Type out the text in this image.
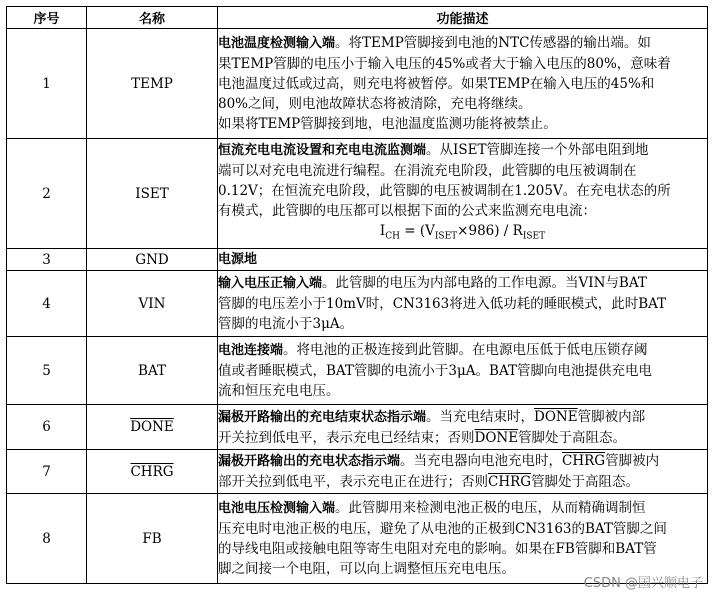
序号	名称	功能描述
1	TEMP	电池温度检测输入端。将TEMP管脚接到电池的NTC传感器的输出端。如
果TEMP管脚的电压小于输入电压的45%或者大于输入电压的80%，意味着
电池温度过低或过高，则充电将被暂停。如果TEMP在输入电压的45%和
80%之间，则电池故障状态将被清除，充电将继续。
如果将TEMP管脚接到地，电池温度监测功能将被禁止。
2	ISET	恒流充电电流设置和充电电流监测端。从ISET管脚连接一个外部电阻到地
端可以对充电电流进行编程。在涓流充电阶段，此管脚的电压被调制在
0.12V；在恒流充电阶段，此管脚的电压被调制在1.205V。在充电状态的所
有模式，此管脚的电压都可以根据下面的公式来监测充电电流：
$I_{CH} = (V_{ISET}\times 986) / R_{ISET}$

3	GND	电源地
4	VIN	输入电压正输入端。此管脚的电压为内部电路的工作电源。当VIN与BAT
管脚的电压差小于10mV时，CN3163将进入低功耗的睡眠模式，此时BAT
管脚的电流小于3μA。
5	BAT	电池连接端。将电池的正极连接到此管脚。在电源电压低于低电压锁存阈
值或者睡眠模式，BAT管脚的电流小于3μA。BAT管脚向电池提供充电电
流和恒压充电电压。
6	DONE	漏极开路输出的充电结束状态指示端。当充电结束时，DONE管脚被内部
开关拉到低电平，表示充电已经结束；否则DONE管脚处于高阻态。
7	CHRG	漏极开路输出的充电状态指示端。当充电器向电池充电时，CHRG管脚被内
部开关拉到低电平，表示充电正在进行；否则CHRG管脚处于高阻态。
8	FB	电池电压检测输入端。此管脚用来检测电池正极的电压，从而精确调制恒
压充电时电池正极的电压，避免了从电池的正极到CN3163的BAT管脚之间
的导线电阻或接触电阻等寄生电阻对充电的影响。如果在FB管脚和BAT管
脚之间接一个电阻，可以向上调整恒压充电电压。
CSDN @国兴顺电子
